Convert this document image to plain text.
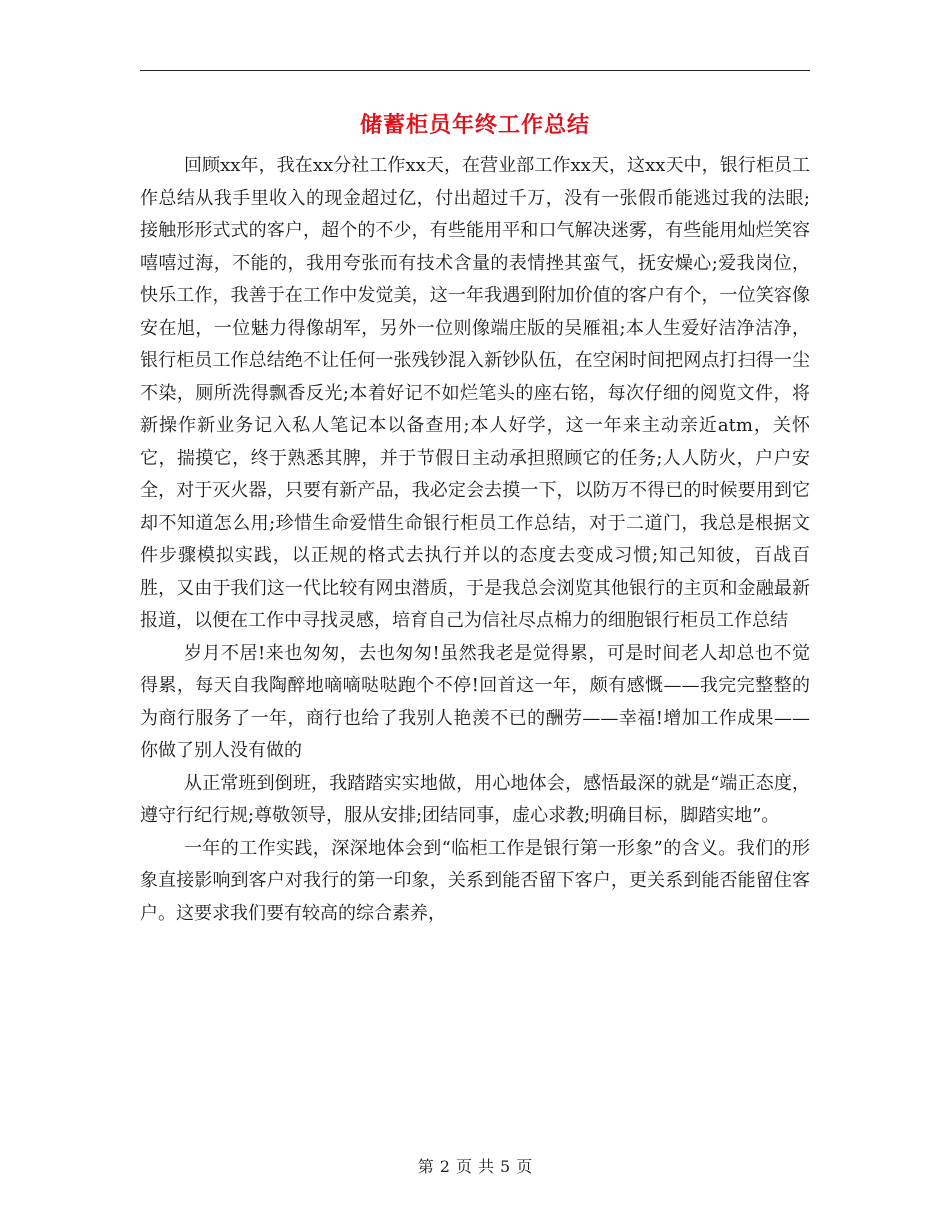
储蓄柜员年终工作总结

回顾xx年，我在xx分社工作xx天，在营业部工作xx天，这xx天中，银行柜员工作总结从我手里收入的现金超过亿，付出超过千万，没有一张假币能逃过我的法眼;接触形形式式的客户，超个的不少，有些能用平和口气解决迷雾，有些能用灿烂笑容嘻嘻过海，不能的，我用夸张而有技术含量的表情挫其蛮气，抚安燥心;爱我岗位，快乐工作，我善于在工作中发觉美，这一年我遇到附加价值的客户有个，一位笑容像安在旭，一位魅力得像胡军，另外一位则像端庄版的吴雁祖;本人生爱好洁净洁净，银行柜员工作总结绝不让任何一张残钞混入新钞队伍，在空闲时间把网点打扫得一尘不染，厕所洗得飘香反光;本着好记不如烂笔头的座右铭，每次仔细的阅览文件，将新操作新业务记入私人笔记本以备查用;本人好学，这一年来主动亲近atm，关怀它，揣摸它，终于熟悉其脾，并于节假日主动承担照顾它的任务;人人防火，户户安全，对于灭火器，只要有新产品，我必定会去摸一下，以防万不得已的时候要用到它却不知道怎么用;珍惜生命爱惜生命银行柜员工作总结，对于二道门，我总是根据文件步骤模拟实践，以正规的格式去执行并以的态度去变成习惯;知己知彼，百战百胜，又由于我们这一代比较有网虫潜质，于是我总会浏览其他银行的主页和金融最新报道，以便在工作中寻找灵感，培育自己为信社尽点棉力的细胞银行柜员工作总结

岁月不居!来也匆匆，去也匆匆!虽然我老是觉得累，可是时间老人却总也不觉得累，每天自我陶醉地嘀嘀哒哒跑个不停!回首这一年，颇有感慨——我完完整整的为商行服务了一年，商行也给了我别人艳羡不已的酬劳——幸福!增加工作成果——你做了别人没有做的

从正常班到倒班，我踏踏实实地做，用心地体会，感悟最深的就是“端正态度，遵守行纪行规;尊敬领导，服从安排;团结同事，虚心求教;明确目标，脚踏实地”。

一年的工作实践，深深地体会到“临柜工作是银行第一形象”的含义。我们的形象直接影响到客户对我行的第一印象，关系到能否留下客户，更关系到能否能留住客户。这要求我们要有较高的综合素养，

第 2 页 共 5 页
